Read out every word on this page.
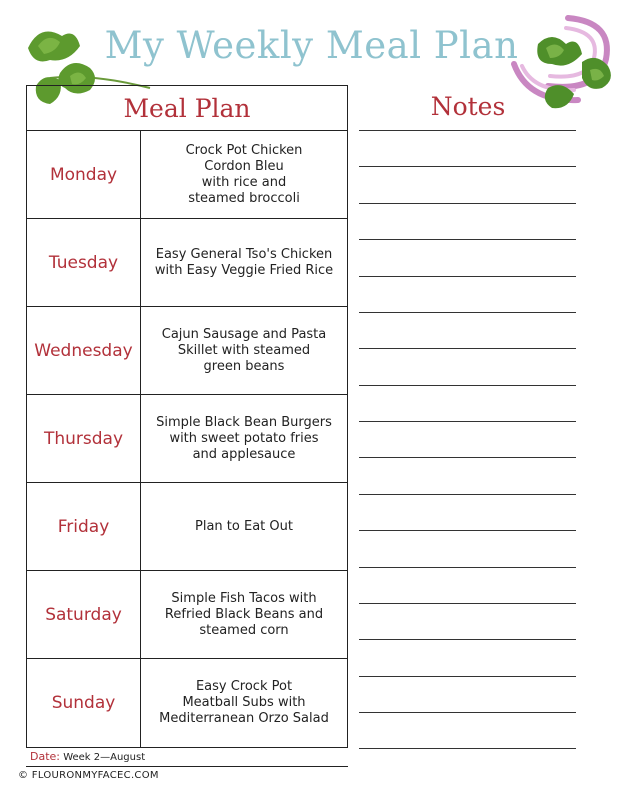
My Weekly Meal Plan
Meal Plan
Monday
Crock Pot Chicken
Cordon Bleu
with rice and
steamed broccoli
Tuesday	Easy General Tso's Chicken
with Easy Veggie Fried Rice
Wednesday
Cajun Sausage and Pasta
Skillet with steamed
green beans
Thursday
Simple Black Bean Burgers
with sweet potato fries
and applesauce
Friday	Plan to Eat Out
Saturday
Simple Fish Tacos with
Refried Black Beans and
steamed corn
Sunday
Easy Crock Pot
Meatball Subs with
Mediterranean Orzo Salad
Notes
Date: Week 2—August
© FLOURONMYFACEC.COM
